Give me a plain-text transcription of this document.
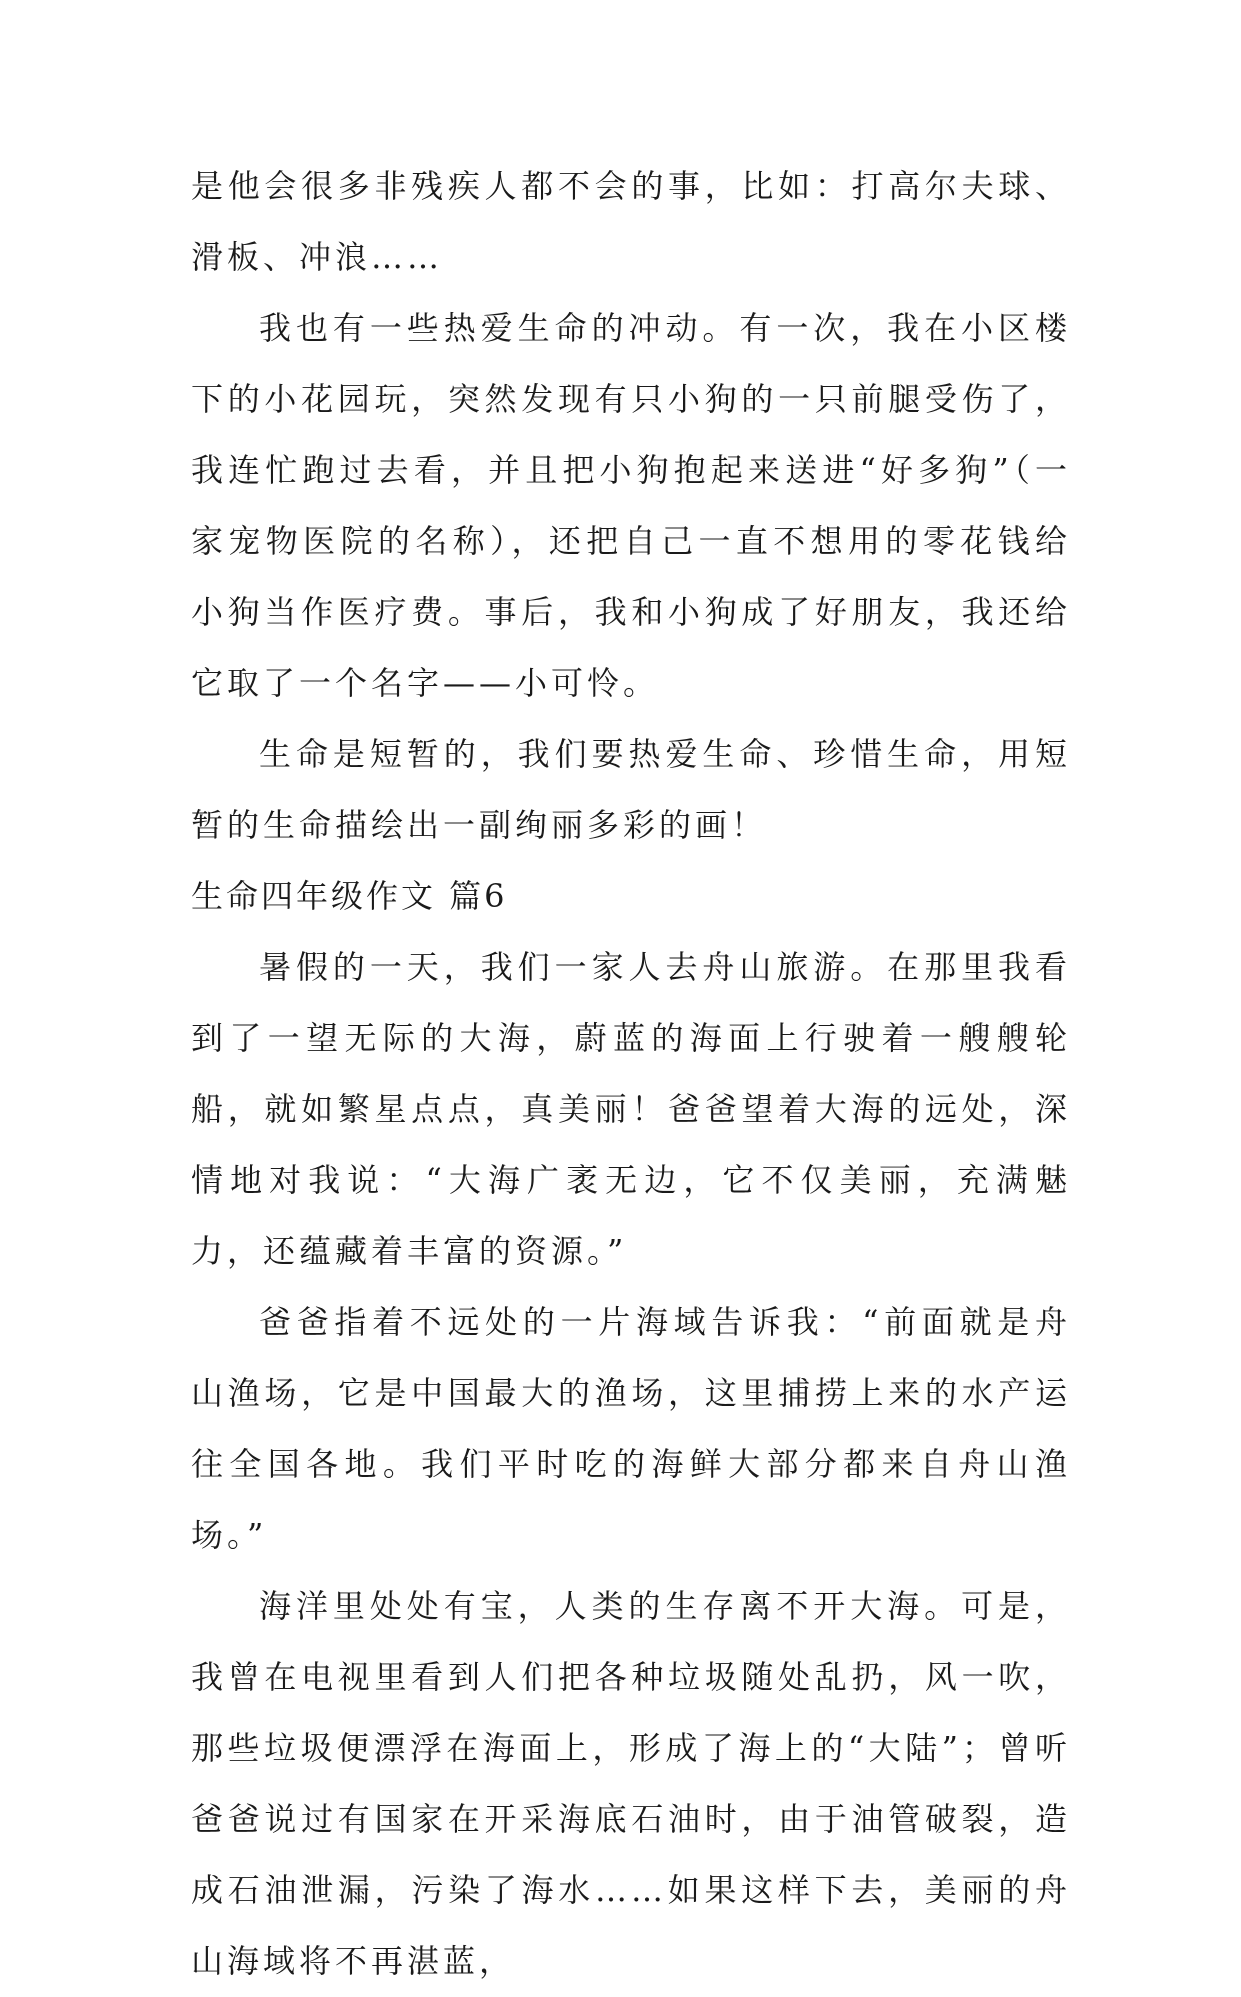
是他会很多非残疾人都不会的事，比如：打高尔夫球、滑板、冲浪……

我也有一些热爱生命的冲动。有一次，我在小区楼下的小花园玩，突然发现有只小狗的一只前腿受伤了，我连忙跑过去看，并且把小狗抱起来送进“好多狗”（一家宠物医院的名称），还把自己一直不想用的零花钱给小狗当作医疗费。事后，我和小狗成了好朋友，我还给它取了一个名字——小可怜。

生命是短暂的，我们要热爱生命、珍惜生命，用短暂的生命描绘出一副绚丽多彩的画！

生命四年级作文 篇6

暑假的一天，我们一家人去舟山旅游。在那里我看到了一望无际的大海，蔚蓝的海面上行驶着一艘艘轮船，就如繁星点点，真美丽！爸爸望着大海的远处，深情地对我说：“大海广袤无边，它不仅美丽，充满魅力，还蕴藏着丰富的资源。”

爸爸指着不远处的一片海域告诉我：“前面就是舟山渔场，它是中国最大的渔场，这里捕捞上来的水产运往全国各地。我们平时吃的海鲜大部分都来自舟山渔场。”

海洋里处处有宝，人类的生存离不开大海。可是，我曾在电视里看到人们把各种垃圾随处乱扔，风一吹，那些垃圾便漂浮在海面上，形成了海上的“大陆”；曾听爸爸说过有国家在开采海底石油时，由于油管破裂，造成石油泄漏，污染了海水……如果这样下去，美丽的舟山海域将不再湛蓝，
